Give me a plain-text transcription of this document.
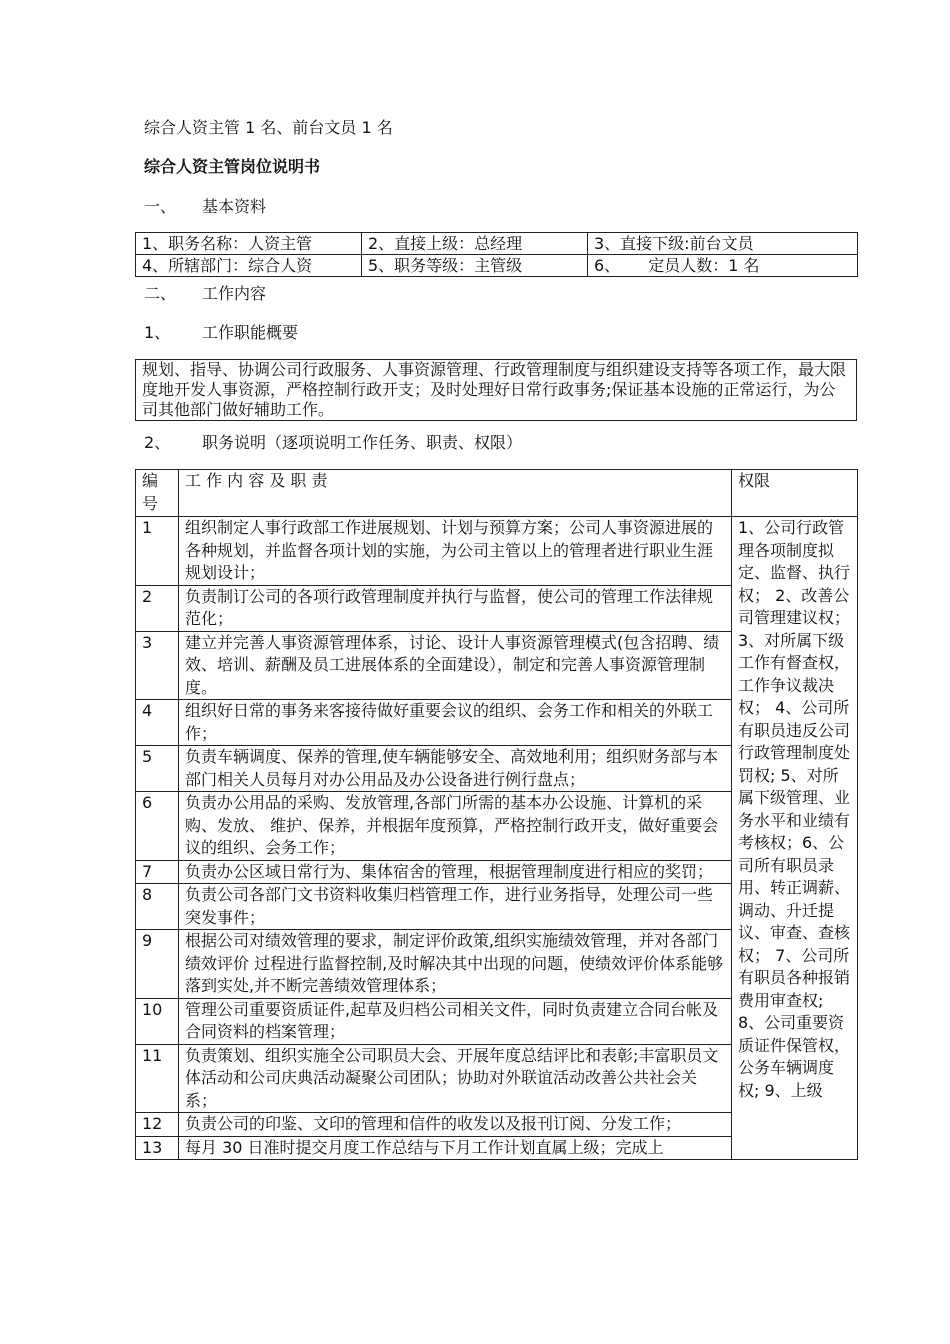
综合人资主管 1 名、前台文员 1 名
综合人资主管岗位说明书
一、 基本资料
1、职务名称：人资主管	2、直接上级：总经理	3、直接下级:前台文员
4、所辖部门：综合人资	5、职务等级：主管级	6、 定员人数：1 名
二、 工作内容
1、 工作职能概要
规划、指导、协调公司行政服务、人事资源管理、行政管理制度与组织建设支持等各项工作，最大限度地开发人事资源，严格控制行政开支；及时处理好日常行政事务;保证基本设施的正常运行，为公司其他部门做好辅助工作。
2、 职务说明（逐项说明工作任务、职责、权限）
编号	工 作 内 容 及 职 责	权限
1	组织制定人事行政部工作进展规划、计划与预算方案；公司人事资源进展的各种规划，并监督各项计划的实施，为公司主管以上的管理者进行职业生涯规划设计；	1、公司行政管理各项制度拟定、监督、执行权； 2、改善公司管理建议权；3、对所属下级工作有督查权，工作争议裁决权； 4、公司所有职员违反公司行政管理制度处罚权; 5、对所属下级管理、业务水平和业绩有考核权；6、公司所有职员录用、转正调薪、调动、升迁提议、审查、查核权； 7、公司所有职员各种报销费用审查权; 8、公司重要资质证件保管权，公务车辆调度权; 9、上级
2	负责制订公司的各项行政管理制度并执行与监督，使公司的管理工作法律规范化；	
3	建立并完善人事资源管理体系，讨论、设计人事资源管理模式(包含招聘、绩效、培训、薪酬及员工进展体系的全面建设），制定和完善人事资源管理制度。	
4	组织好日常的事务来客接待做好重要会议的组织、会务工作和相关的外联工作；	
5	负责车辆调度、保养的管理,使车辆能够安全、高效地利用；组织财务部与本部门相关人员每月对办公用品及办公设备进行例行盘点；	
6	负责办公用品的采购、发放管理,各部门所需的基本办公设施、计算机的采购、发放、 维护、保养，并根据年度预算，严格控制行政开支，做好重要会议的组织、会务工作；	
7	负责办公区域日常行为、集体宿舍的管理，根据管理制度进行相应的奖罚；	
8	负责公司各部门文书资料收集归档管理工作，进行业务指导，处理公司一些突发事件；	
9	根据公司对绩效管理的要求，制定评价政策,组织实施绩效管理，并对各部门绩效评价 过程进行监督控制,及时解决其中出现的问题，使绩效评价体系能够落到实处,并不断完善绩效管理体系；	
10	管理公司重要资质证件,起草及归档公司相关文件，同时负责建立合同台帐及合同资料的档案管理；	
11	负责策划、组织实施全公司职员大会、开展年度总结评比和表彰;丰富职员文体活动和公司庆典活动凝聚公司团队；协助对外联谊活动改善公共社会关系；	
12	负责公司的印鉴、文印的管理和信件的收发以及报刊订阅、分发工作；	
13	每月 30 日准时提交月度工作总结与下月工作计划直属上级；完成上	
